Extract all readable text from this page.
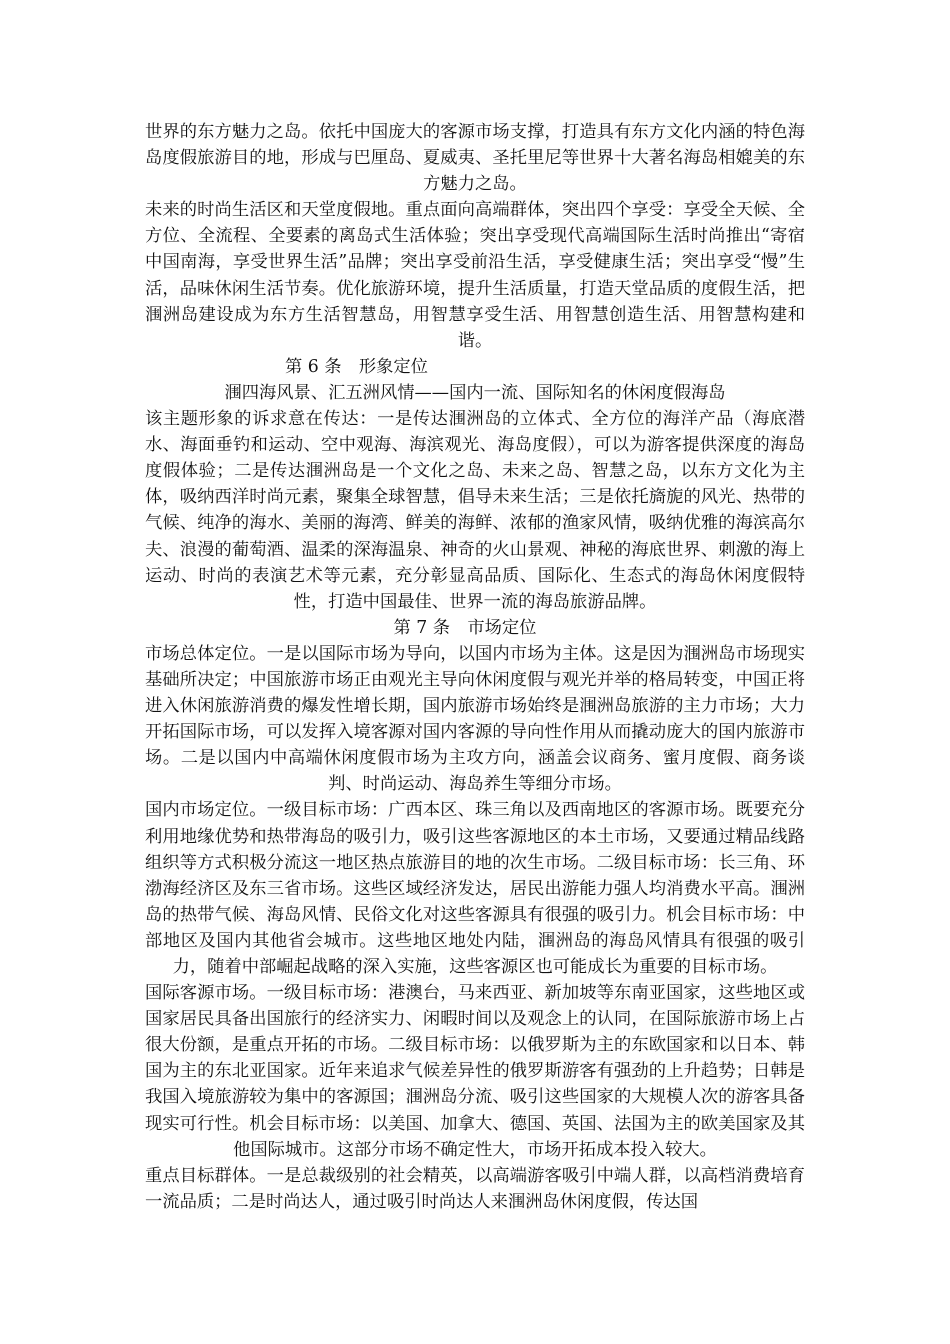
世界的东方魅力之岛。依托中国庞大的客源市场支撑，打造具有东方文化内涵的特色海岛度假旅游目的地，形成与巴厘岛、夏威夷、圣托里尼等世界十大著名海岛相媲美的东方魅力之岛。

未来的时尚生活区和天堂度假地。重点面向高端群体，突出四个享受：享受全天候、全方位、全流程、全要素的离岛式生活体验；突出享受现代高端国际生活时尚推出“寄宿中国南海，享受世界生活”品牌；突出享受前沿生活，享受健康生活；突出享受“慢”生活，品味休闲生活节奏。优化旅游环境，提升生活质量，打造天堂品质的度假生活，把涠洲岛建设成为东方生活智慧岛，用智慧享受生活、用智慧创造生活、用智慧构建和谐。

第 6 条　形象定位

涠四海风景、汇五洲风情——国内一流、国际知名的休闲度假海岛

该主题形象的诉求意在传达：一是传达涠洲岛的立体式、全方位的海洋产品（海底潜水、海面垂钓和运动、空中观海、海滨观光、海岛度假），可以为游客提供深度的海岛度假体验；二是传达涠洲岛是一个文化之岛、未来之岛、智慧之岛，以东方文化为主体，吸纳西洋时尚元素，聚集全球智慧，倡导未来生活；三是依托旖旎的风光、热带的气候、纯净的海水、美丽的海湾、鲜美的海鲜、浓郁的渔家风情，吸纳优雅的海滨高尔夫、浪漫的葡萄酒、温柔的深海温泉、神奇的火山景观、神秘的海底世界、刺激的海上运动、时尚的表演艺术等元素，充分彰显高品质、国际化、生态式的海岛休闲度假特性，打造中国最佳、世界一流的海岛旅游品牌。

第 7 条　市场定位

市场总体定位。一是以国际市场为导向，以国内市场为主体。这是因为涠洲岛市场现实基础所决定；中国旅游市场正由观光主导向休闲度假与观光并举的格局转变，中国正将进入休闲旅游消费的爆发性增长期，国内旅游市场始终是涠洲岛旅游的主力市场；大力开拓国际市场，可以发挥入境客源对国内客源的导向性作用从而撬动庞大的国内旅游市场。二是以国内中高端休闲度假市场为主攻方向，涵盖会议商务、蜜月度假、商务谈判、时尚运动、海岛养生等细分市场。

国内市场定位。一级目标市场：广西本区、珠三角以及西南地区的客源市场。既要充分利用地缘优势和热带海岛的吸引力，吸引这些客源地区的本土市场，又要通过精品线路组织等方式积极分流这一地区热点旅游目的地的次生市场。二级目标市场：长三角、环渤海经济区及东三省市场。这些区域经济发达，居民出游能力强人均消费水平高。涠洲岛的热带气候、海岛风情、民俗文化对这些客源具有很强的吸引力。机会目标市场：中部地区及国内其他省会城市。这些地区地处内陆，涠洲岛的海岛风情具有很强的吸引力，随着中部崛起战略的深入实施，这些客源区也可能成长为重要的目标市场。

国际客源市场。一级目标市场：港澳台，马来西亚、新加坡等东南亚国家，这些地区或国家居民具备出国旅行的经济实力、闲暇时间以及观念上的认同，在国际旅游市场上占很大份额，是重点开拓的市场。二级目标市场：以俄罗斯为主的东欧国家和以日本、韩国为主的东北亚国家。近年来追求气候差异性的俄罗斯游客有强劲的上升趋势；日韩是我国入境旅游较为集中的客源国；涠洲岛分流、吸引这些国家的大规模人次的游客具备现实可行性。机会目标市场：以美国、加拿大、德国、英国、法国为主的欧美国家及其他国际城市。这部分市场不确定性大，市场开拓成本投入较大。

重点目标群体。一是总裁级别的社会精英，以高端游客吸引中端人群，以高档消费培育一流品质；二是时尚达人，通过吸引时尚达人来涠洲岛休闲度假，传达国
